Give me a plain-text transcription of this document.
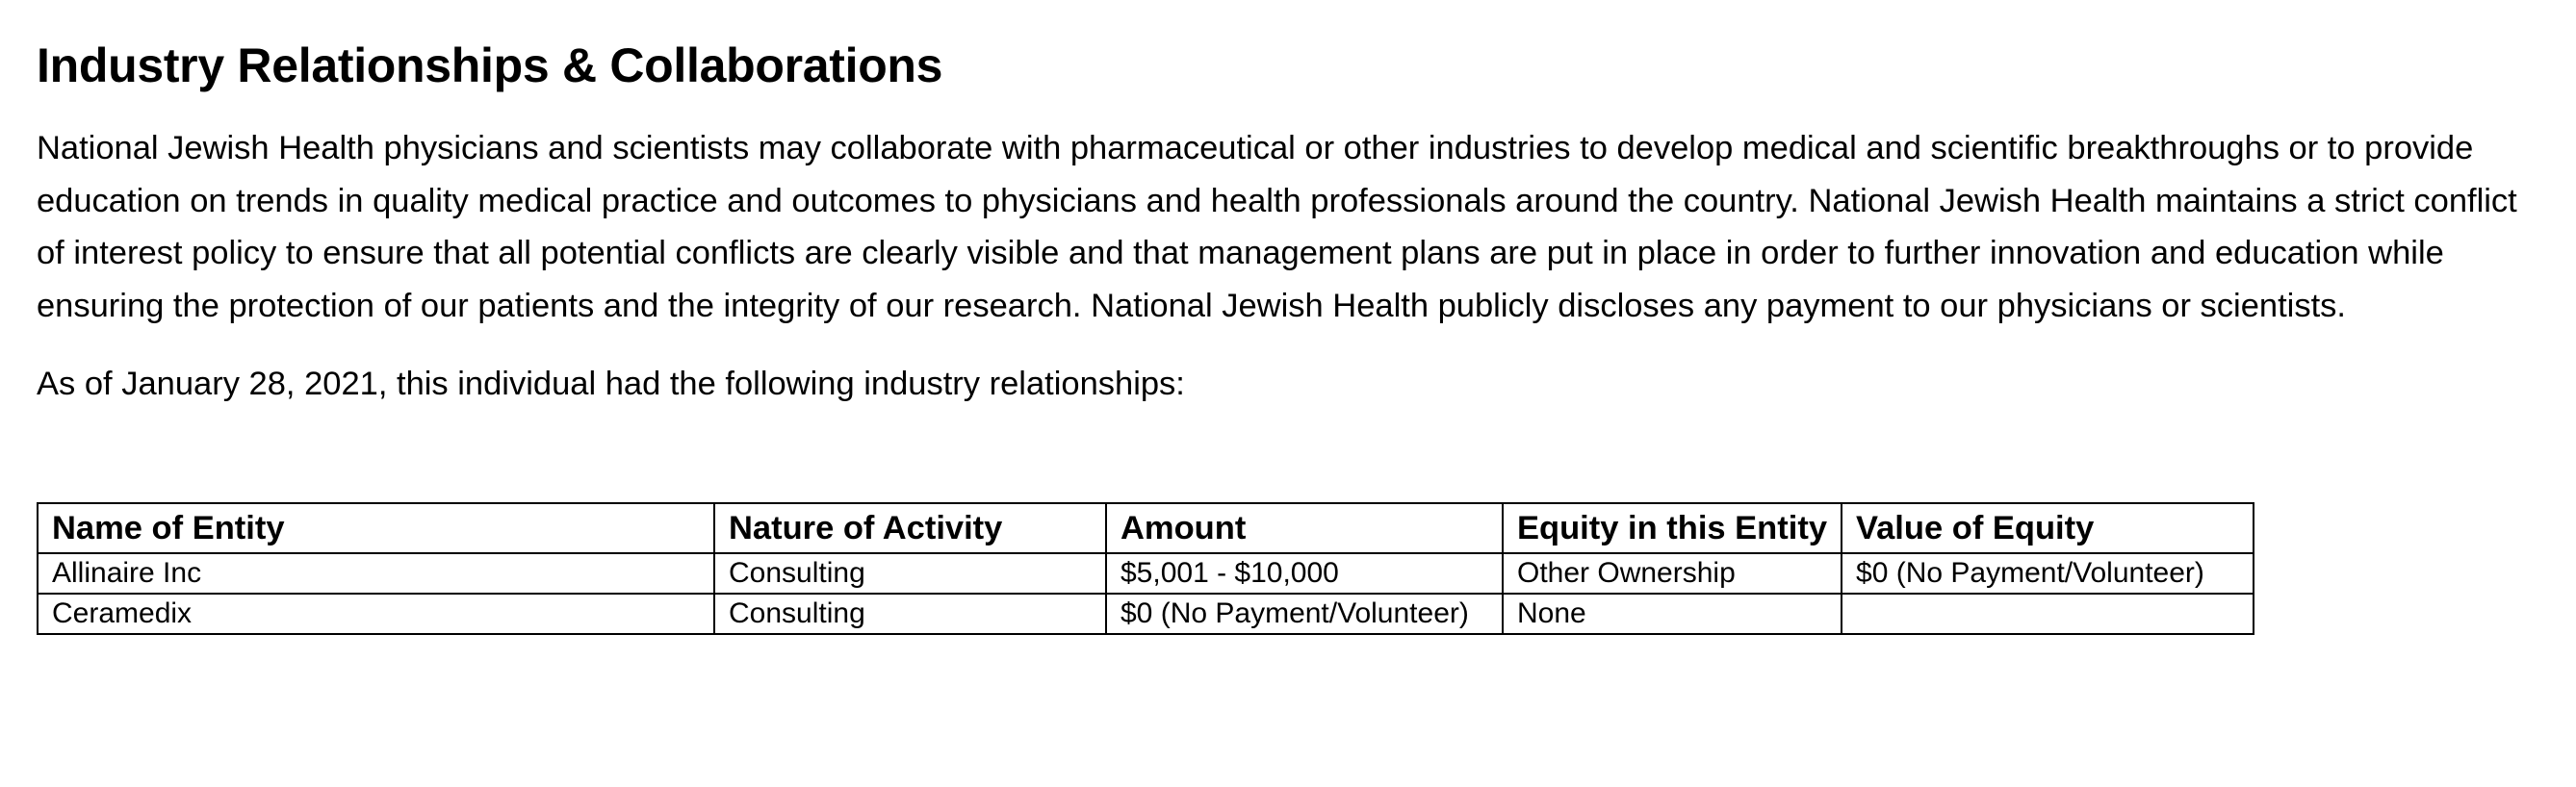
Industry Relationships & Collaborations

National Jewish Health physicians and scientists may collaborate with pharmaceutical or other industries to develop medical and scientific breakthroughs or to provide education on trends in quality medical practice and outcomes to physicians and health professionals around the country. National Jewish Health maintains a strict conflict of interest policy to ensure that all potential conflicts are clearly visible and that management plans are put in place in order to further innovation and education while ensuring the protection of our patients and the integrity of our research. National Jewish Health publicly discloses any payment to our physicians or scientists.

As of January 28, 2021, this individual had the following industry relationships:

Name of Entity	Nature of Activity	Amount	Equity in this Entity	Value of Equity
Allinaire Inc	Consulting	$5,001 - $10,000	Other Ownership	$0 (No Payment/Volunteer)
Ceramedix	Consulting	$0 (No Payment/Volunteer)	None	
